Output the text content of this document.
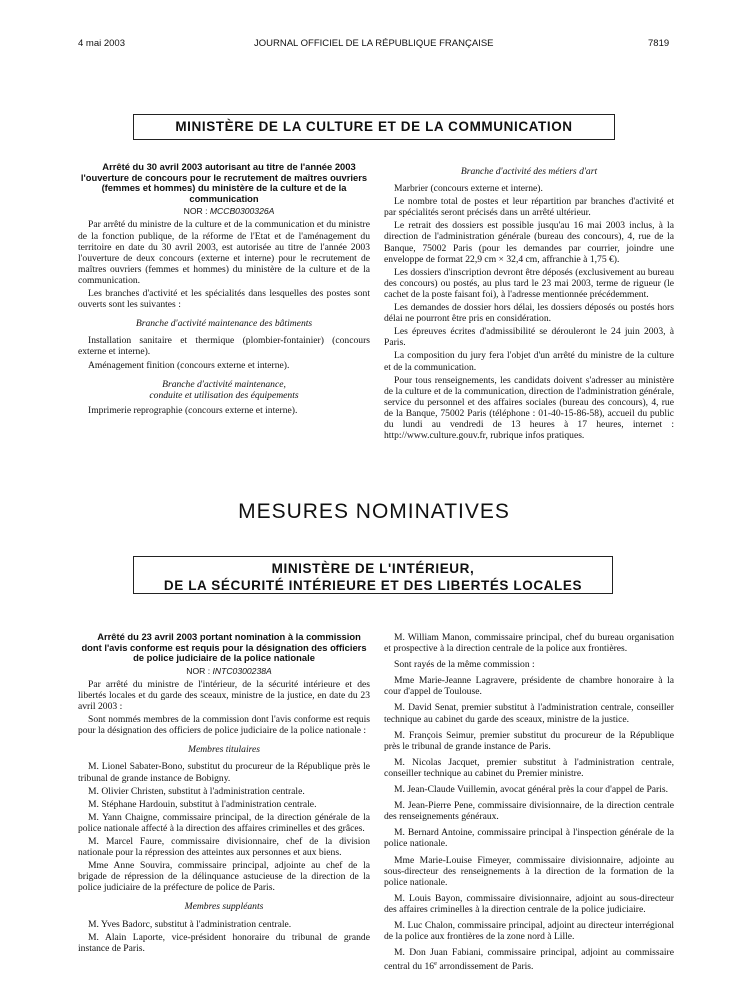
4 mai 2003	JOURNAL OFFICIEL DE LA RÉPUBLIQUE FRANÇAISE	7819
MINISTÈRE DE LA CULTURE ET DE LA COMMUNICATION

Arrêté du 30 avril 2003 autorisant au titre de l'année 2003 l'ouverture de concours pour le recrutement de maîtres ouvriers (femmes et hommes) du ministère de la culture et de la communication

NOR : MCCB0300326A

Par arrêté du ministre de la culture et de la communication et du ministre de la fonction publique, de la réforme de l'Etat et de l'aménagement du territoire en date du 30 avril 2003, est autorisée au titre de l'année 2003 l'ouverture de deux concours (externe et interne) pour le recrutement de maîtres ouvriers (femmes et hommes) du ministère de la culture et de la communication.

Les branches d'activité et les spécialités dans lesquelles des postes sont ouverts sont les suivantes :

Branche d'activité maintenance des bâtiments

Installation sanitaire et thermique (plombier-fontainier) (concours externe et interne).

Aménagement finition (concours externe et interne).

Branche d'activité maintenance,

conduite et utilisation des équipements

Imprimerie reprographie (concours externe et interne).

Branche d'activité des métiers d'art

Marbrier (concours externe et interne).

Le nombre total de postes et leur répartition par branches d'activité et par spécialités seront précisés dans un arrêté ultérieur.

Le retrait des dossiers est possible jusqu'au 16 mai 2003 inclus, à la direction de l'administration générale (bureau des concours), 4, rue de la Banque, 75002 Paris (pour les demandes par courrier, joindre une enveloppe de format 22,9 cm × 32,4 cm, affranchie à 1,75 €).

Les dossiers d'inscription devront être déposés (exclusivement au bureau des concours) ou postés, au plus tard le 23 mai 2003, terme de rigueur (le cachet de la poste faisant foi), à l'adresse mentionnée précédemment.

Les demandes de dossier hors délai, les dossiers déposés ou postés hors délai ne pourront être pris en considération.

Les épreuves écrites d'admissibilité se dérouleront le 24 juin 2003, à Paris.

La composition du jury fera l'objet d'un arrêté du ministre de la culture et de la communication.

Pour tous renseignements, les candidats doivent s'adresser au ministère de la culture et de la communication, direction de l'administration générale, service du personnel et des affaires sociales (bureau des concours), 4, rue de la Banque, 75002 Paris (téléphone : 01-40-15-86-58), accueil du public du lundi au vendredi de 13 heures à 17 heures, internet : http://www.culture.gouv.fr, rubrique infos pratiques.

MESURES NOMINATIVES
MINISTÈRE DE L'INTÉRIEUR,
DE LA SÉCURITÉ INTÉRIEURE ET DES LIBERTÉS LOCALES

Arrêté du 23 avril 2003 portant nomination à la commission dont l'avis conforme est requis pour la désignation des officiers de police judiciaire de la police nationale

NOR : INTC0300238A

Par arrêté du ministre de l'intérieur, de la sécurité intérieure et des libertés locales et du garde des sceaux, ministre de la justice, en date du 23 avril 2003 :

Sont nommés membres de la commission dont l'avis conforme est requis pour la désignation des officiers de police judiciaire de la police nationale :

Membres titulaires

M. Lionel Sabater-Bono, substitut du procureur de la République près le tribunal de grande instance de Bobigny.

M. Olivier Christen, substitut à l'administration centrale.

M. Stéphane Hardouin, substitut à l'administration centrale.

M. Yann Chaigne, commissaire principal, de la direction générale de la police nationale affecté à la direction des affaires criminelles et des grâces.

M. Marcel Faure, commissaire divisionnaire, chef de la division nationale pour la répression des atteintes aux personnes et aux biens.

Mme Anne Souvira, commissaire principal, adjointe au chef de la brigade de répression de la délinquance astucieuse de la direction de la police judiciaire de la préfecture de police de Paris.

Membres suppléants

M. Yves Badorc, substitut à l'administration centrale.

M. Alain Laporte, vice-président honoraire du tribunal de grande instance de Paris.

M. William Manon, commissaire principal, chef du bureau organisation et prospective à la direction centrale de la police aux frontières.

Sont rayés de la même commission :

Mme Marie-Jeanne Lagravere, présidente de chambre honoraire à la cour d'appel de Toulouse.

M. David Senat, premier substitut à l'administration centrale, conseiller technique au cabinet du garde des sceaux, ministre de la justice.

M. François Seimur, premier substitut du procureur de la République près le tribunal de grande instance de Paris.

M. Nicolas Jacquet, premier substitut à l'administration centrale, conseiller technique au cabinet du Premier ministre.

M. Jean-Claude Vuillemin, avocat général près la cour d'appel de Paris.

M. Jean-Pierre Pene, commissaire divisionnaire, de la direction centrale des renseignements généraux.

M. Bernard Antoine, commissaire principal à l'inspection générale de la police nationale.

Mme Marie-Louise Fimeyer, commissaire divisionnaire, adjointe au sous-directeur des renseignements à la direction de la formation de la police nationale.

M. Louis Bayon, commissaire divisionnaire, adjoint au sous-directeur des affaires criminelles à la direction centrale de la police judiciaire.

M. Luc Chalon, commissaire principal, adjoint au directeur interrégional de la police aux frontières de la zone nord à Lille.

M. Don Juan Fabiani, commissaire principal, adjoint au commissaire central du 16e arrondissement de Paris.
